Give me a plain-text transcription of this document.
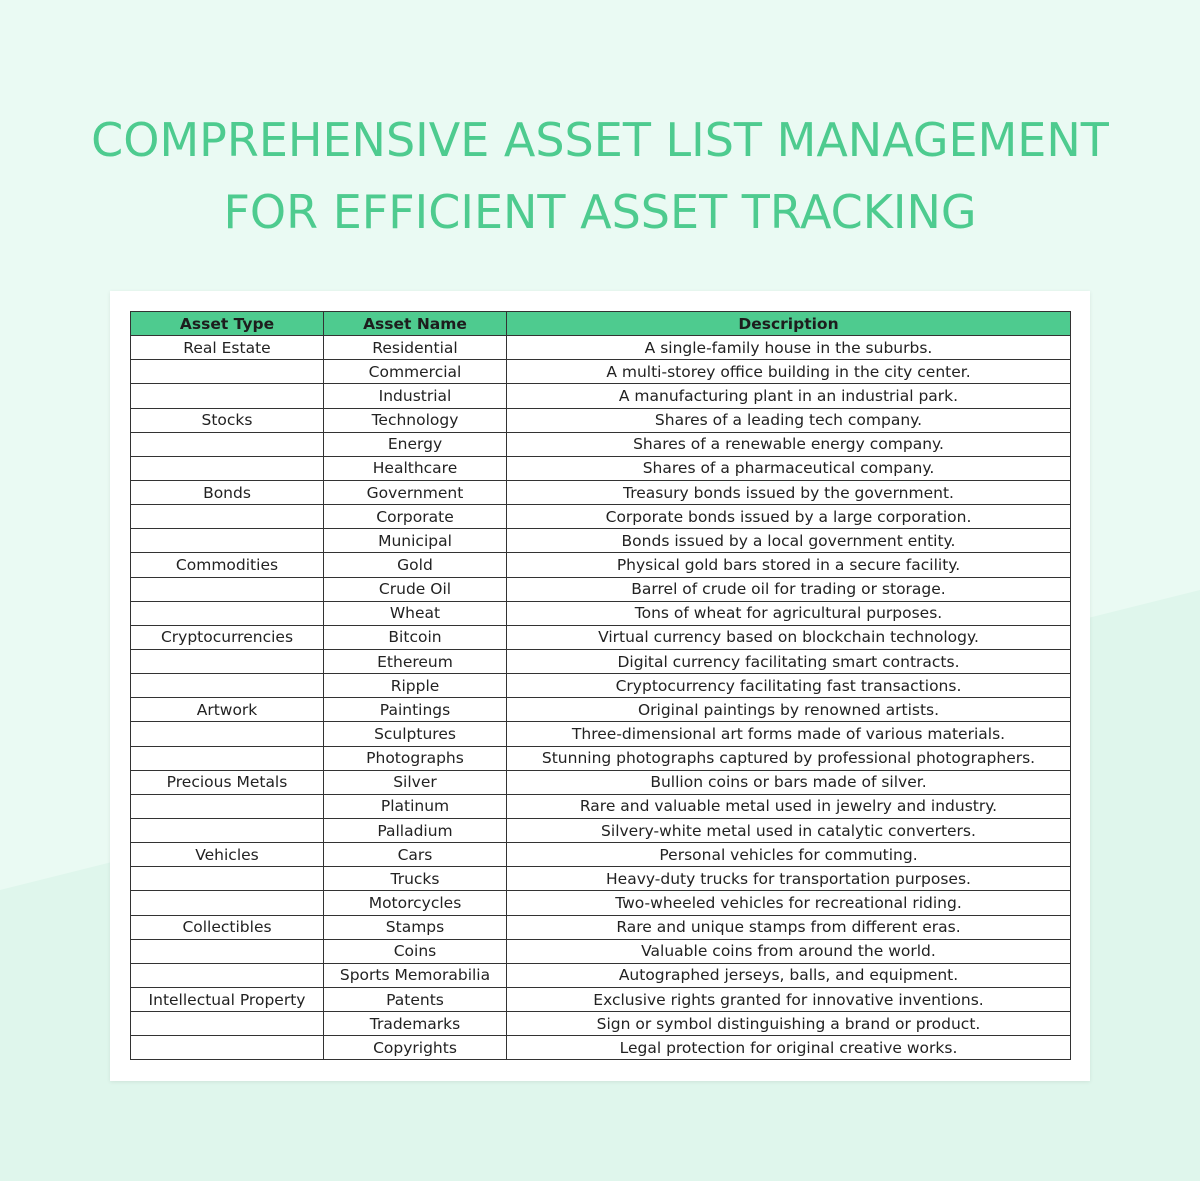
COMPREHENSIVE ASSET LIST MANAGEMENT
FOR EFFICIENT ASSET TRACKING
Asset Type	Asset Name	Description
Real Estate	Residential	A single-family house in the suburbs.
	Commercial	A multi-storey office building in the city center.
	Industrial	A manufacturing plant in an industrial park.
Stocks	Technology	Shares of a leading tech company.
	Energy	Shares of a renewable energy company.
	Healthcare	Shares of a pharmaceutical company.
Bonds	Government	Treasury bonds issued by the government.
	Corporate	Corporate bonds issued by a large corporation.
	Municipal	Bonds issued by a local government entity.
Commodities	Gold	Physical gold bars stored in a secure facility.
	Crude Oil	Barrel of crude oil for trading or storage.
	Wheat	Tons of wheat for agricultural purposes.
Cryptocurrencies	Bitcoin	Virtual currency based on blockchain technology.
	Ethereum	Digital currency facilitating smart contracts.
	Ripple	Cryptocurrency facilitating fast transactions.
Artwork	Paintings	Original paintings by renowned artists.
	Sculptures	Three-dimensional art forms made of various materials.
	Photographs	Stunning photographs captured by professional photographers.
Precious Metals	Silver	Bullion coins or bars made of silver.
	Platinum	Rare and valuable metal used in jewelry and industry.
	Palladium	Silvery-white metal used in catalytic converters.
Vehicles	Cars	Personal vehicles for commuting.
	Trucks	Heavy-duty trucks for transportation purposes.
	Motorcycles	Two-wheeled vehicles for recreational riding.
Collectibles	Stamps	Rare and unique stamps from different eras.
	Coins	Valuable coins from around the world.
	Sports Memorabilia	Autographed jerseys, balls, and equipment.
Intellectual Property	Patents	Exclusive rights granted for innovative inventions.
	Trademarks	Sign or symbol distinguishing a brand or product.
	Copyrights	Legal protection for original creative works.
